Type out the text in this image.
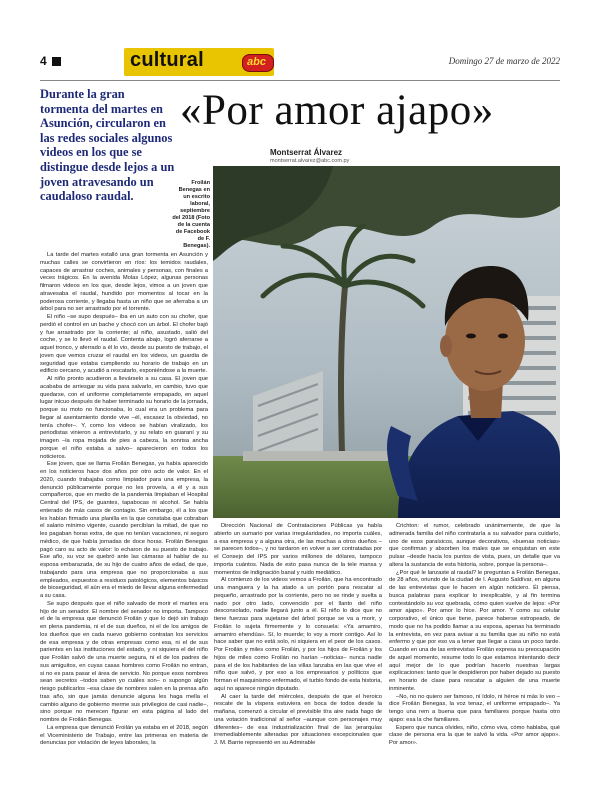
4	cultural	abc	Domingo 27 de marzo de 2022
Durante la gran tormenta del martes en Asunción, circularon en las redes sociales algunos videos en los que se distingue desde lejos a un joven atravesando un caudaloso raudal.
«Por amor ajapo»
Montserrat Álvarez
montserrat.alvarez@abc.com.py
Froilán Benegas en un escrito laboral, septiembre del 2018 (Foto de la cuenta de Facebook de F. Benegas).

La tarde del martes estalló una gran tormenta en Asunción y muchas calles se convirtieron en ríos: los temidos raudales, capaces de arrastrar coches, animales y personas, con finales a veces trágicos. En la avenida Molas López, algunas personas filmaron videos en los que, desde lejos, vimos a un joven que atravesaba el raudal, hundido por momentos al tocar en la poderosa corriente, y llegaba hasta un niño que se aferraba a un árbol para no ser arrastrado por el torrente.

El niño –se supo después– iba en un auto con su chofer, que perdió el control en un bache y chocó con un árbol. El chofer bajó y fue arrastrado por la corriente; al niño, asustado, salió del coche, y se lo llevó el raudal. Contenta abajo, logró aferrarse a aquel tronco, y aferrado a él lo vio, desde su puesto de trabajo, el joven que vemos cruzar el raudal en los videos, un guardia de seguridad que estaba cumpliendo su horario de trabajo en un edificio cercano, y acudió a rescatarlo, exponiéndose a la muerte.

Al niño pronto acudieron a llevárselo a su casa. El joven que acababa de arriesgar su vida para salvarlo, en cambio, tuvo que quedarse, con el uniforme completamente empapado, en aquel lugar inicuo después de haber terminado su horario de la jornada, porque su moto no funcionaba, lo cual era un problema para llegar al asentamiento donde vive –él, escasez la obviedad, no tenía chofer–. Y, como los videos se habían viralizado, los periodistas vinieron a entrevistarlo, y su relato en guaraní y su imagen –la ropa mojada de pies a cabeza, la sonrisa ancha porque el niño estaba a salvo– aparecieron en todos los noticieros.

Ese joven, que se llama Froilán Benegas, ya había aparecido en los noticieros hace dos años por otro acto de valor. En el 2020, cuando trabajaba como limpiador para una empresa, la denunció públicamente porque no les proveía, a él y a sus compañeros, que en medio de la pandemia limpiaban el Hospital Central del IPS, de guantes, tapabocas ni alcohol. Se había enterado de más casos de contagio. Sin embargo, él a los que les habían firmado una planilla en la que constaba que cobraban el salario mínimo vigente, cuando percibían la mitad, de que no les pagaban horas extra, de que no tenían vacaciones, ni seguro médico, de que había jornadas de doce horas. Froilán Benegas pagó caro su acto de valor: lo echaron de su puesto de trabajo. Ese año, su voz se quebró ante las cámaras al hablar de su esposa embarazada, de su hijo de cuatro años de edad, de que, trabajando para una empresa que no proporcionaba a sus empleados, expuestos a residuos patológicos, elementos básicos de bioseguridad, él aún era el miedo de llevar alguna enfermedad a su casa.

Se supo después que el niño salvado de morir el martes era hijo de un senador. El nombre del senador no importa. Tampoco el de la empresa que denunció Froilán y que lo dejó sin trabajo en plena pandemia, ni el de sus dueños, ni el de los amigos de los dueños que en cada nuevo gobierno contratan los servicios de esa empresa y de otras empresas como esa, ni el de sus parientes en las instituciones del estado, y ni siquiera el del niño que Froilán salvó de una muerte segura, ni el de los padres de sus amiguitos, en cuyas casas hombres como Froilán no entran, si no es para pasar el área de servicio. No porque esos nombres sean secretos –todos saben yo cuáles son– o supongo algún riesgo publicarlos –esa clase de nombres salen en la prensa año tras año, sin que jamás denuncie alguna les haga mella el cambio alguno de gobierno merme sus privilegios de casi nadie–, sino porque no merecen figurar en esta página al lado del nombre de Froilán Benegas.

La empresa que denunció Froilán ya estaba en el 2018, según el Viceministerio de Trabajo, entre las primeras en materia de denuncias por violación de leyes laborales, la

Dirección Nacional de Contrataciones Públicas ya había abierto un sumario por varias irregularidades, no importa cuáles, a esa empresa y a alguna otra, de las muchas a otros dueños –se parecen todos–, y no tardaron en volver a ser contratadas por el Consejo del IPS por varios millones de dólares, tampoco importa cuántos. Nada de esto pasa nunca de la tele mansa y momentos de indignación banal y ruido mediático.

Al comienzo de los videos vemos a Froilán, que ha encontrado una manguera y la ha atado a un portón para rescatar al pequeño, arrastrado por la corriente, pero no se rinde y suelta a nado por otro lado, convencido por el llanto del niño desconsolado, nadie llegará junto a él. El niño lo dice que no tiene fuerzas para sujetarse del árbol porque se va a morir, y Froilán lo sujeta firmemente y lo consuela: «Ya amamiro, amamiro ehendúa». Sí, lo muerde; lo voy a morir contigo. Así lo hace saber que no está solo, ni siquiera en el peor de los casos. Por Froilán y miles como Froilán, y por los hijos de Froilán y los hijos de miles como Froilán no harían –noticias– nunca nadie para el de los habitantes de las villas lanzaba en las que vive el niño que salvó, y por eso a los empresarios y políticos que forman el maquinismo enfermado, el turbio fondo de esta historia, aquí no aparece ningún diputado.

Al caer la tarde del miércoles, después de que el heroico rescate de la víspera estuviera en boca de todos desde la mañana, comenzó a circular el previsible tíra aire nada hago de una votación tradicional al señor –aunque con personajes muy diferentes– de esa industrialización final de las jerarquías irremediablemente alteradas por situaciones excepcionales que J. M. Barrie representó en su Admirable

Crichton: el rumor, celebrado unánimemente, de que la adinerada familia del niño contrataría a su salvador para cuidarlo, uno de esos paraísicos, aunque decorativos, «buenas noticias» que confirman y absorben los males que se enquistan en este pulsar –desde hacia los puntos de vista, pues, un detalle que va altera la sustancia de esta historia, sobre, porque la persona–.

¿Por qué le lanzaste al raudal? le preguntan a Froilán Benegas, de 28 años, oriundo de la ciudad de I. Augusto Saldívar, en alguna de las entrevistas que le hacen en algún noticiero. Él piensa, busca palabras para explicar lo inexplicable, y al fin termina contestándolo su voz quebrada, cómo quien vuelve de lejos: «Por amor ajapo». Por amor lo hice. Por amor. Y como su celular corporativo, el único que tiene, parece haberse estropeado, de modo que no ha podido llamar a su esposa, apenas ha terminado la entrevista, en vez para avisar a su familia que su niño no está enfermo y que por eso va a tener que llegar a casa un poco tarde. Cuando en una de las entrevistas Froilán expresa su preocupación de aquel momento, resume todo lo que estamos intentando decir aquí mejor de lo que podrían hacerlo nuestras largas explicaciones: tanto que le despidieron por haber dejado su puesto en horario de clase para rescatar a alguien de una muerte inminente.

–No, no no quiero ser famoso, ni ídolo, ni héroe ni más lo veo –dice Froilán Benegas, la voz tenaz, el uniforme empapado–. Ya tengo una rem a buena que para familiares porque hasta otro ajapo: esa la che familiares.

Espero que nunca olvides, niño, cómo viva, cómo hablaba, qué clase de persona era la que te salvó la vida. «Por amor ajapo». Por amor».
